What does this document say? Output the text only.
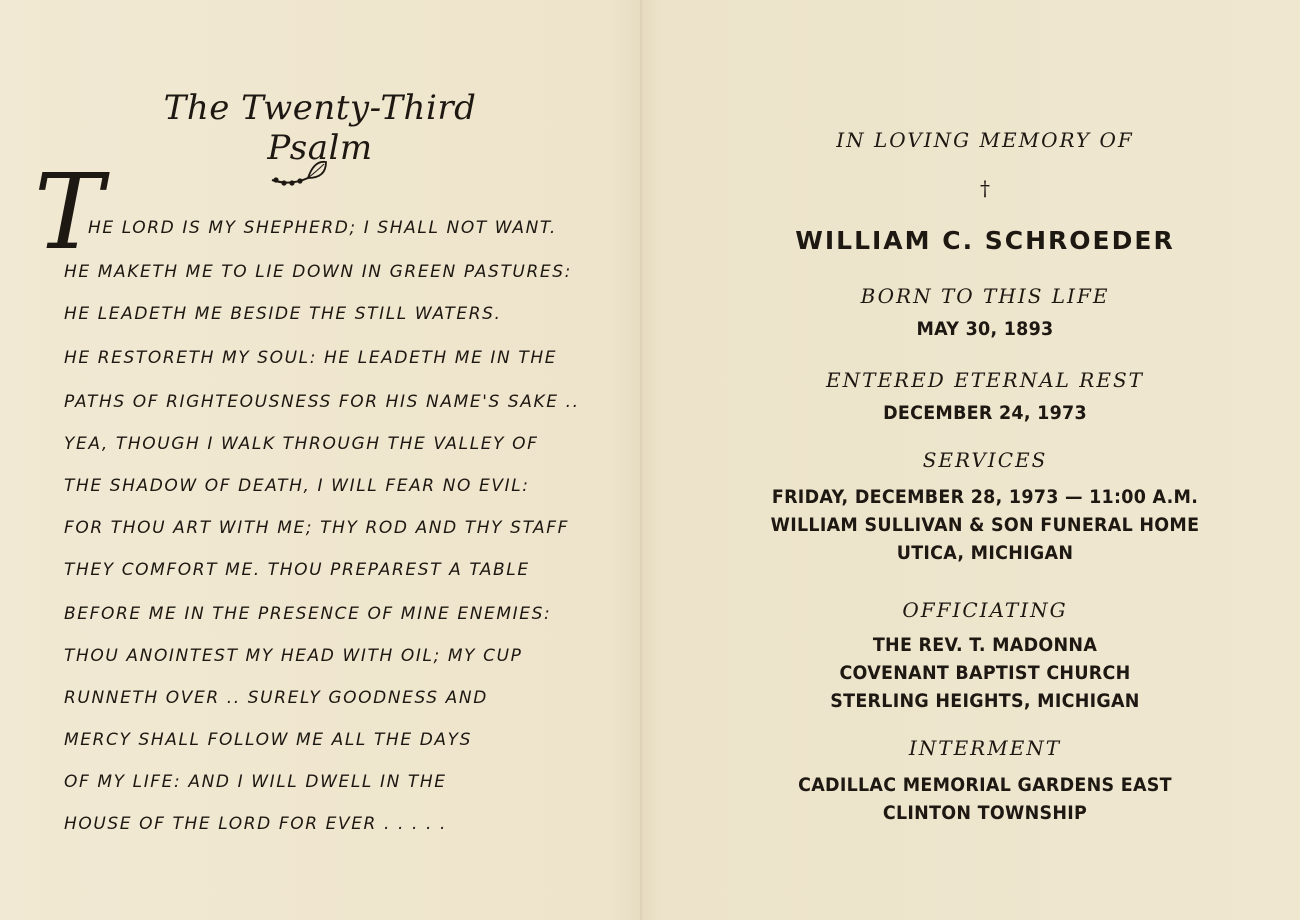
The Twenty-Third Psalm
T
HE LORD IS MY SHEPHERD; I SHALL NOT WANT.
HE MAKETH ME TO LIE DOWN IN GREEN PASTURES:
HE LEADETH ME BESIDE THE STILL WATERS.
HE RESTORETH MY SOUL: HE LEADETH ME IN THE
PATHS OF RIGHTEOUSNESS FOR HIS NAME'S SAKE ..
YEA, THOUGH I WALK THROUGH THE VALLEY OF
THE SHADOW OF DEATH, I WILL FEAR NO EVIL:
FOR THOU ART WITH ME; THY ROD AND THY STAFF
THEY COMFORT ME. THOU PREPAREST A TABLE
BEFORE ME IN THE PRESENCE OF MINE ENEMIES:
THOU ANOINTEST MY HEAD WITH OIL; MY CUP
RUNNETH OVER .. SURELY GOODNESS AND
MERCY SHALL FOLLOW ME ALL THE DAYS
OF MY LIFE: AND I WILL DWELL IN THE
HOUSE OF THE LORD FOR EVER . . . . .
IN LOVING MEMORY OF
†
WILLIAM C. SCHROEDER
BORN TO THIS LIFE
MAY 30, 1893
ENTERED ETERNAL REST
DECEMBER 24, 1973
SERVICES
FRIDAY, DECEMBER 28, 1973 — 11:00 A.M.
WILLIAM SULLIVAN & SON FUNERAL HOME
UTICA, MICHIGAN
OFFICIATING
THE REV. T. MADONNA
COVENANT BAPTIST CHURCH
STERLING HEIGHTS, MICHIGAN
INTERMENT
CADILLAC MEMORIAL GARDENS EAST
CLINTON TOWNSHIP
